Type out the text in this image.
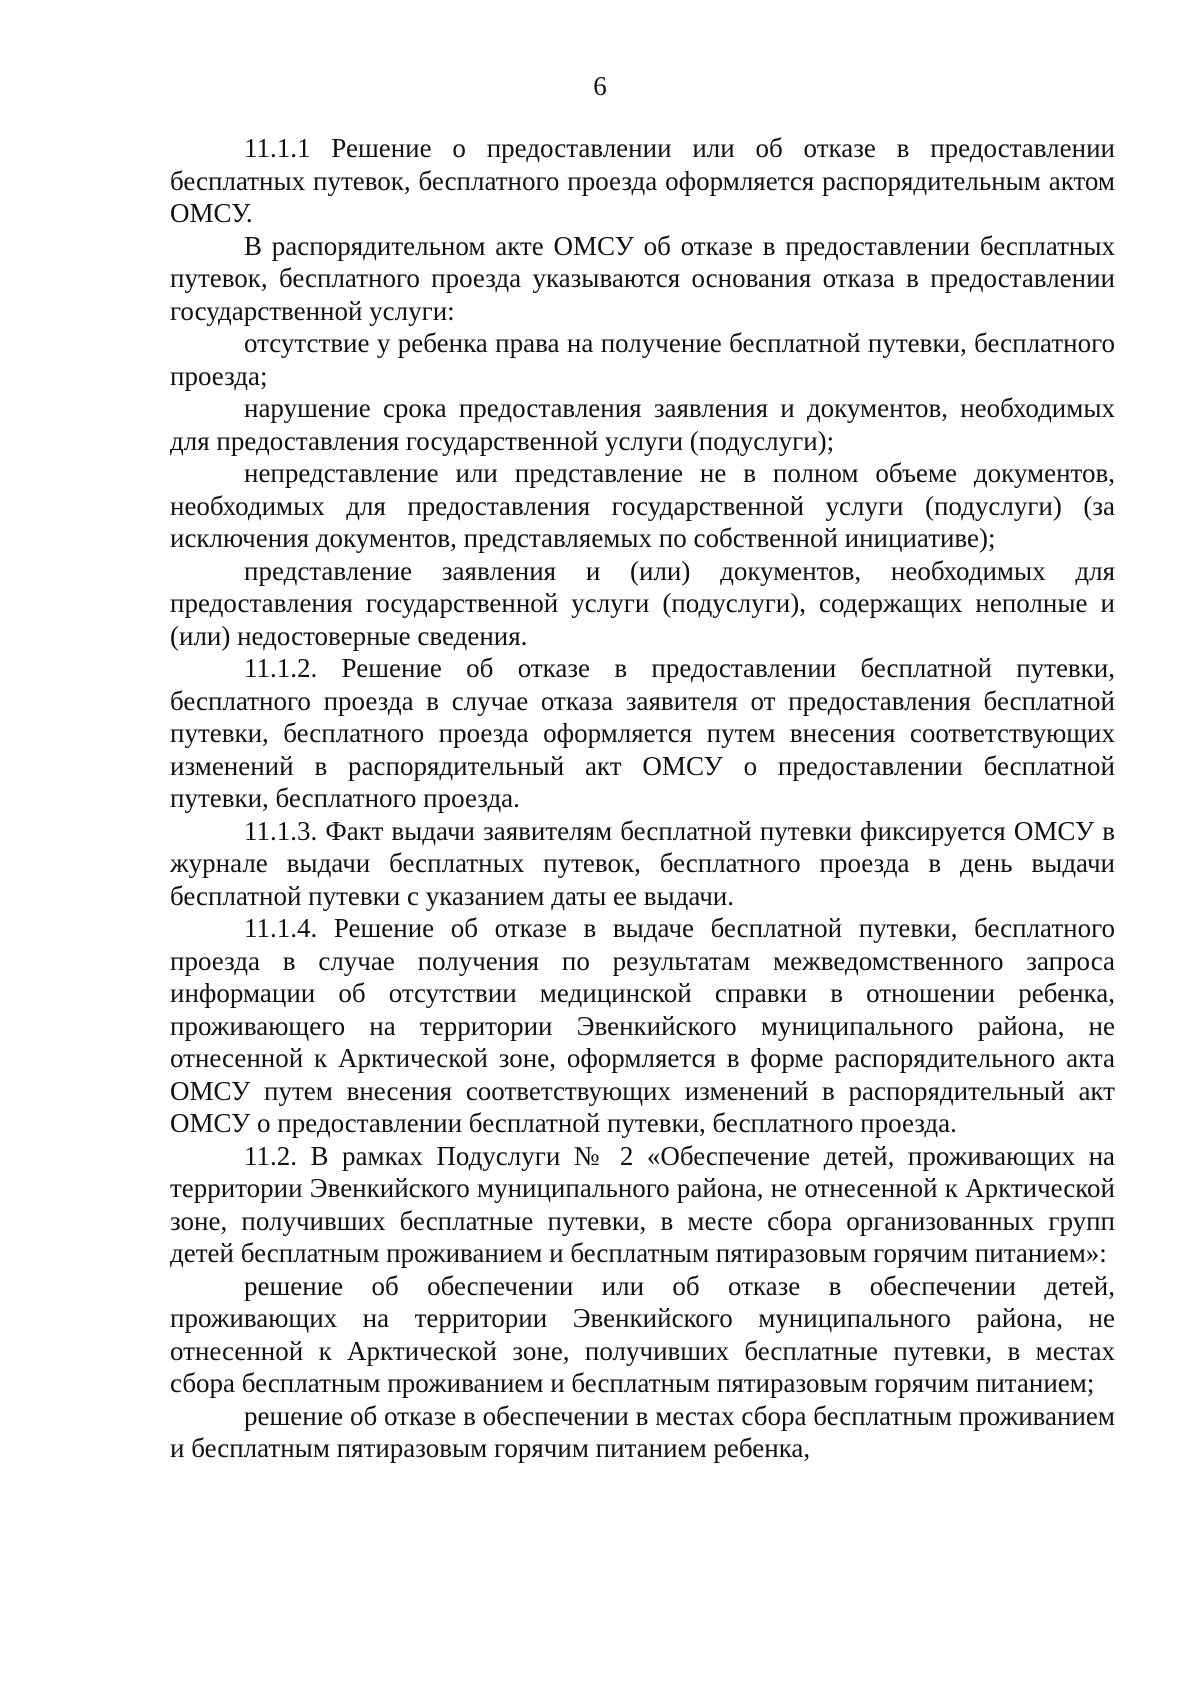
6

11.1.1 Решение о предоставлении или об отказе в предоставлении бесплатных путевок, бесплатного проезда оформляется распорядительным актом ОМСУ.

В распорядительном акте ОМСУ об отказе в предоставлении бесплатных путевок, бесплатного проезда указываются основания отказа в предоставлении государственной услуги:

отсутствие у ребенка права на получение бесплатной путевки, бесплатного проезда;

нарушение срока предоставления заявления и документов, необходимых для предоставления государственной услуги (подуслуги);

непредставление или представление не в полном объеме документов, необходимых для предоставления государственной услуги (подуслуги) (за исключения документов, представляемых по собственной инициативе);

представление заявления и (или) документов, необходимых для предоставления государственной услуги (подуслуги), содержащих неполные и (или) недостоверные сведения.

11.1.2. Решение об отказе в предоставлении бесплатной путевки, бесплатного проезда в случае отказа заявителя от предоставления бесплатной путевки, бесплатного проезда оформляется путем внесения соответствующих изменений в распорядительный акт ОМСУ о предоставлении бесплатной путевки, бесплатного проезда.

11.1.3. Факт выдачи заявителям бесплатной путевки фиксируется ОМСУ в журнале выдачи бесплатных путевок, бесплатного проезда в день выдачи бесплатной путевки с указанием даты ее выдачи.

11.1.4. Решение об отказе в выдаче бесплатной путевки, бесплатного проезда в случае получения по результатам межведомственного запроса информации об отсутствии медицинской справки в отношении ребенка, проживающего на территории Эвенкийского муниципального района, не отнесенной к Арктической зоне, оформляется в форме распорядительного акта ОМСУ путем внесения соответствующих изменений в распорядительный акт ОМСУ о предоставлении бесплатной путевки, бесплатного проезда.

11.2. В рамках Подуслуги № 2 «Обеспечение детей, проживающих на территории Эвенкийского муниципального района, не отнесенной к Арктической зоне, получивших бесплатные путевки, в месте сбора организованных групп детей бесплатным проживанием и бесплатным пятиразовым горячим питанием»:

решение об обеспечении или об отказе в обеспечении детей, проживающих на территории Эвенкийского муниципального района, не отнесенной к Арктической зоне, получивших бесплатные путевки, в местах сбора бесплатным проживанием и бесплатным пятиразовым горячим питанием;

решение об отказе в обеспечении в местах сбора бесплатным проживанием и бесплатным пятиразовым горячим питанием ребенка,
